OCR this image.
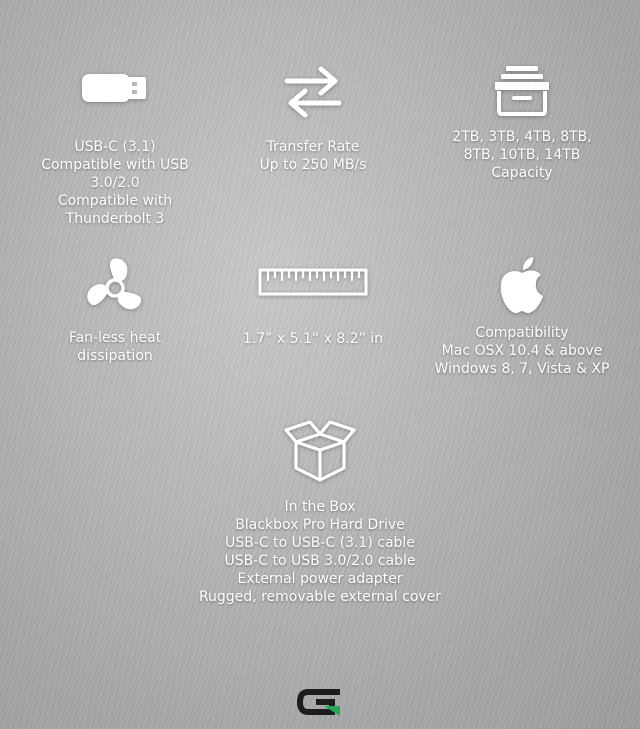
USB-C (3.1)
Compatible with USB
3.0/2.0
Compatible with
Thunderbolt 3
Transfer Rate
Up to 250 MB/s
2TB, 3TB, 4TB, 8TB,
8TB, 10TB, 14TB
Capacity
Fan-less heat
dissipation
1.7” x 5.1“ x 8.2” in	Compatibility
Mac OSX 10.4 & above
Windows 8, 7, Vista & XP
In the Box
Blackbox Pro Hard Drive
USB-C to USB-C (3.1) cable
USB-C to USB 3.0/2.0 cable
External power adapter
Rugged, removable external cover
